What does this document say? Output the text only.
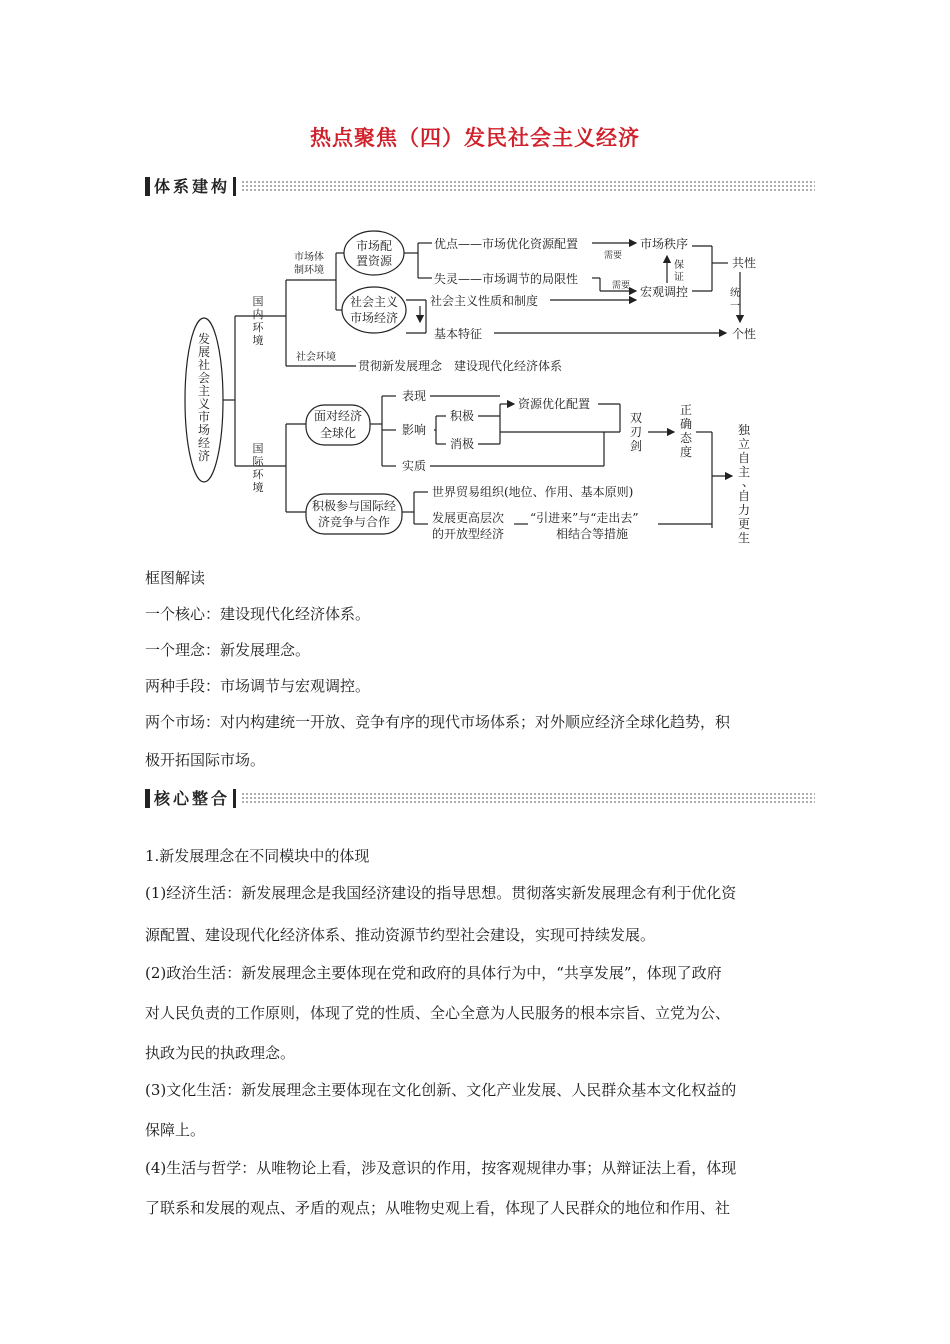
热点聚焦（四）发民社会主义经济
体系建构
发
展
社
会
主
义
市
场
经
济
国
内
环
境
国
际
环
境
市场体
制环境
社会环境
市场配
置资源
优点——市场优化资源配置
失灵——市场调节的局限性
需要
需要
市场秩序
保
证
宏观调控
共性
统
一
社会主义
市场经济
社会主义性质和制度
基本特征	个性
贯彻新发展理念　建设现代化经济体系
面对经济
全球化
表现
影响
积极
消极
实质
资源优化配置
双
刃
剑
正
确
态
度
积极参与国际经
济竞争与合作
世界贸易组织(地位、作用、基本原则)
发展更高层次
的开放型经济
“引进来”与“走出去”
相结合等措施
独
立
自
主
、
自
力
更
生
框图解读
一个核心：建设现代化经济体系。
一个理念：新发展理念。
两种手段：市场调节与宏观调控。
两个市场：对内构建统一开放、竞争有序的现代市场体系；对外顺应经济全球化趋势，积
极开拓国际市场。
核心整合
1.新发展理念在不同模块中的体现
(1)经济生活：新发展理念是我国经济建设的指导思想。贯彻落实新发展理念有利于优化资
源配置、建设现代化经济体系、推动资源节约型社会建设，实现可持续发展。
(2)政治生活：新发展理念主要体现在党和政府的具体行为中，“共享发展”，体现了政府
对人民负责的工作原则，体现了党的性质、全心全意为人民服务的根本宗旨、立党为公、
执政为民的执政理念。
(3)文化生活：新发展理念主要体现在文化创新、文化产业发展、人民群众基本文化权益的
保障上。
(4)生活与哲学：从唯物论上看，涉及意识的作用，按客观规律办事；从辩证法上看，体现
了联系和发展的观点、矛盾的观点；从唯物史观上看，体现了人民群众的地位和作用、社
